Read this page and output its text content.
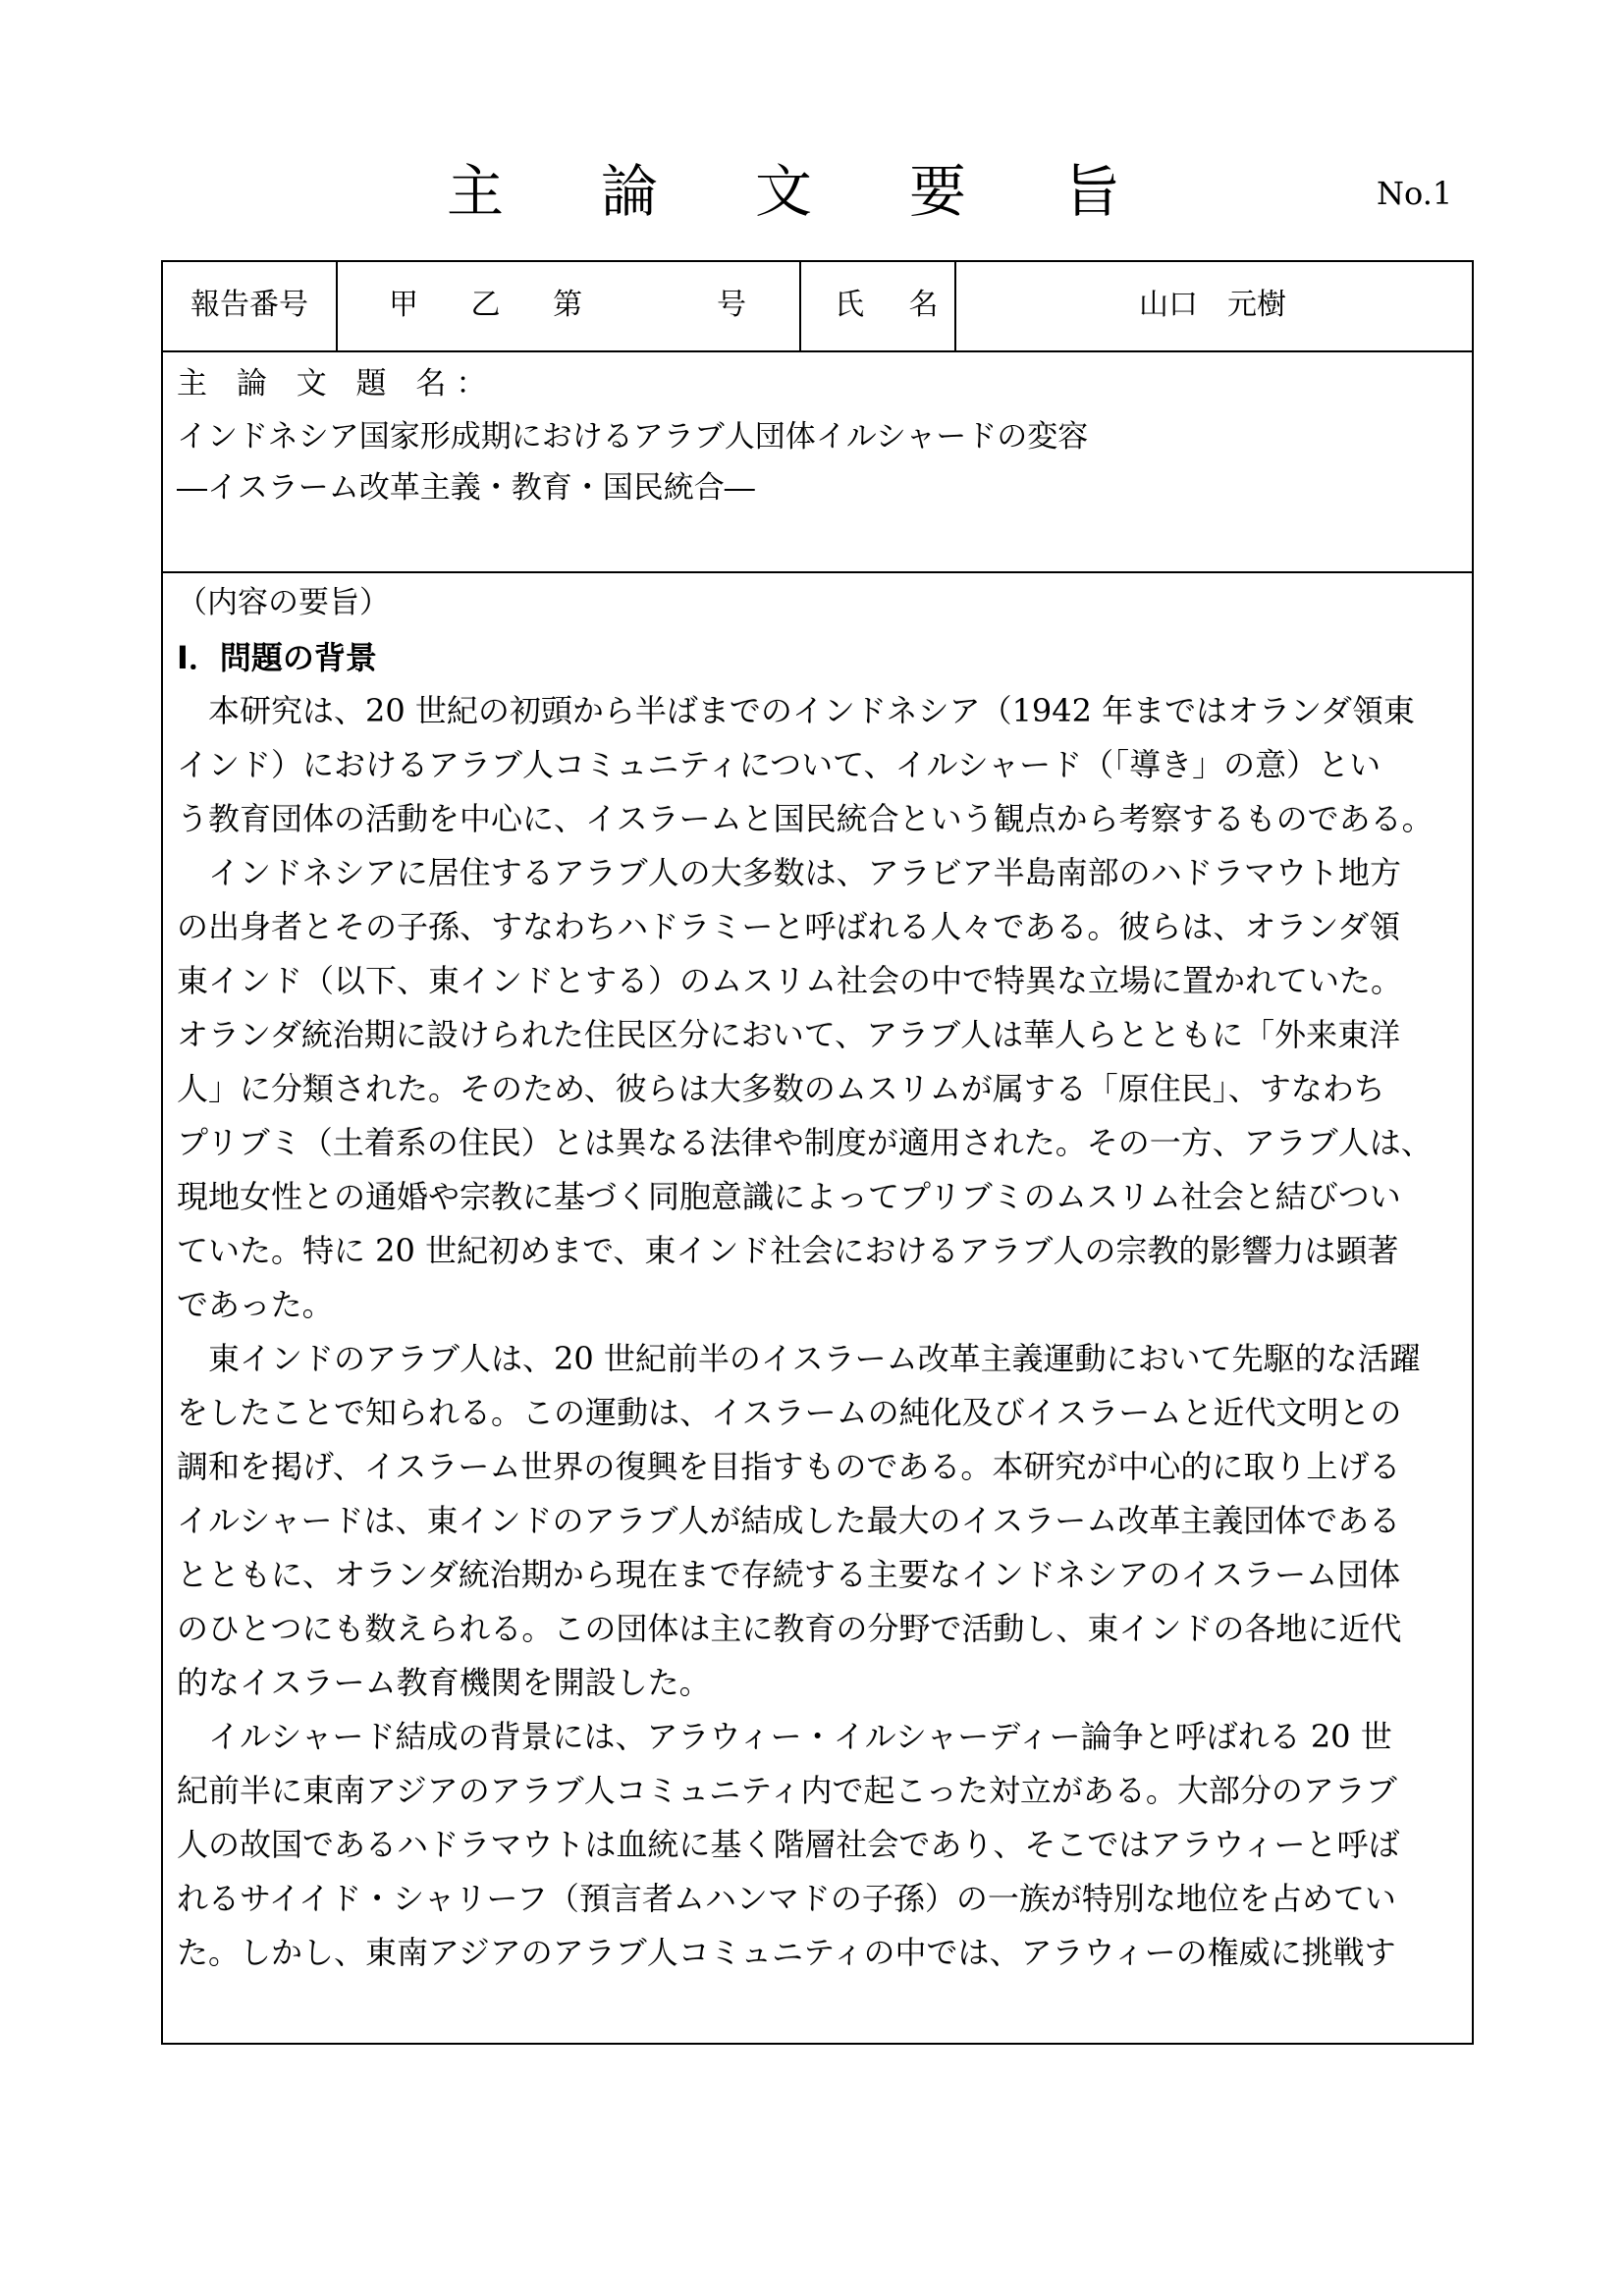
主論文要旨	No.1
報告番号	甲 乙 第	号	氏 名	山口　元樹
主 論 文 題 名：
インドネシア国家形成期におけるアラブ人団体イルシャードの変容
―イスラーム改革主義・教育・国民統合―
（内容の要旨）
Ⅰ．問題の背景
　本研究は、20 世紀の初頭から半ばまでのインドネシア（1942 年まではオランダ領東
インド）におけるアラブ人コミュニティについて、イルシャード（「導き」の意）とい
う教育団体の活動を中心に、イスラームと国民統合という観点から考察するものである。
　インドネシアに居住するアラブ人の大多数は、アラビア半島南部のハドラマウト地方
の出身者とその子孫、すなわちハドラミーと呼ばれる人々である。彼らは、オランダ領
東インド（以下、東インドとする）のムスリム社会の中で特異な立場に置かれていた。
オランダ統治期に設けられた住民区分において、アラブ人は華人らとともに「外来東洋
人」に分類された。そのため、彼らは大多数のムスリムが属する「原住民」、すなわち
プリブミ（土着系の住民）とは異なる法律や制度が適用された。その一方、アラブ人は、
現地女性との通婚や宗教に基づく同胞意識によってプリブミのムスリム社会と結びつい
ていた。特に 20 世紀初めまで、東インド社会におけるアラブ人の宗教的影響力は顕著
であった。
　東インドのアラブ人は、20 世紀前半のイスラーム改革主義運動において先駆的な活躍
をしたことで知られる。この運動は、イスラームの純化及びイスラームと近代文明との
調和を掲げ、イスラーム世界の復興を目指すものである。本研究が中心的に取り上げる
イルシャードは、東インドのアラブ人が結成した最大のイスラーム改革主義団体である
とともに、オランダ統治期から現在まで存続する主要なインドネシアのイスラーム団体
のひとつにも数えられる。この団体は主に教育の分野で活動し、東インドの各地に近代
的なイスラーム教育機関を開設した。
　イルシャード結成の背景には、アラウィー・イルシャーディー論争と呼ばれる 20 世
紀前半に東南アジアのアラブ人コミュニティ内で起こった対立がある。大部分のアラブ
人の故国であるハドラマウトは血統に基く階層社会であり、そこではアラウィーと呼ば
れるサイイド・シャリーフ（預言者ムハンマドの子孫）の一族が特別な地位を占めてい
た。しかし、東南アジアのアラブ人コミュニティの中では、アラウィーの権威に挑戦す
